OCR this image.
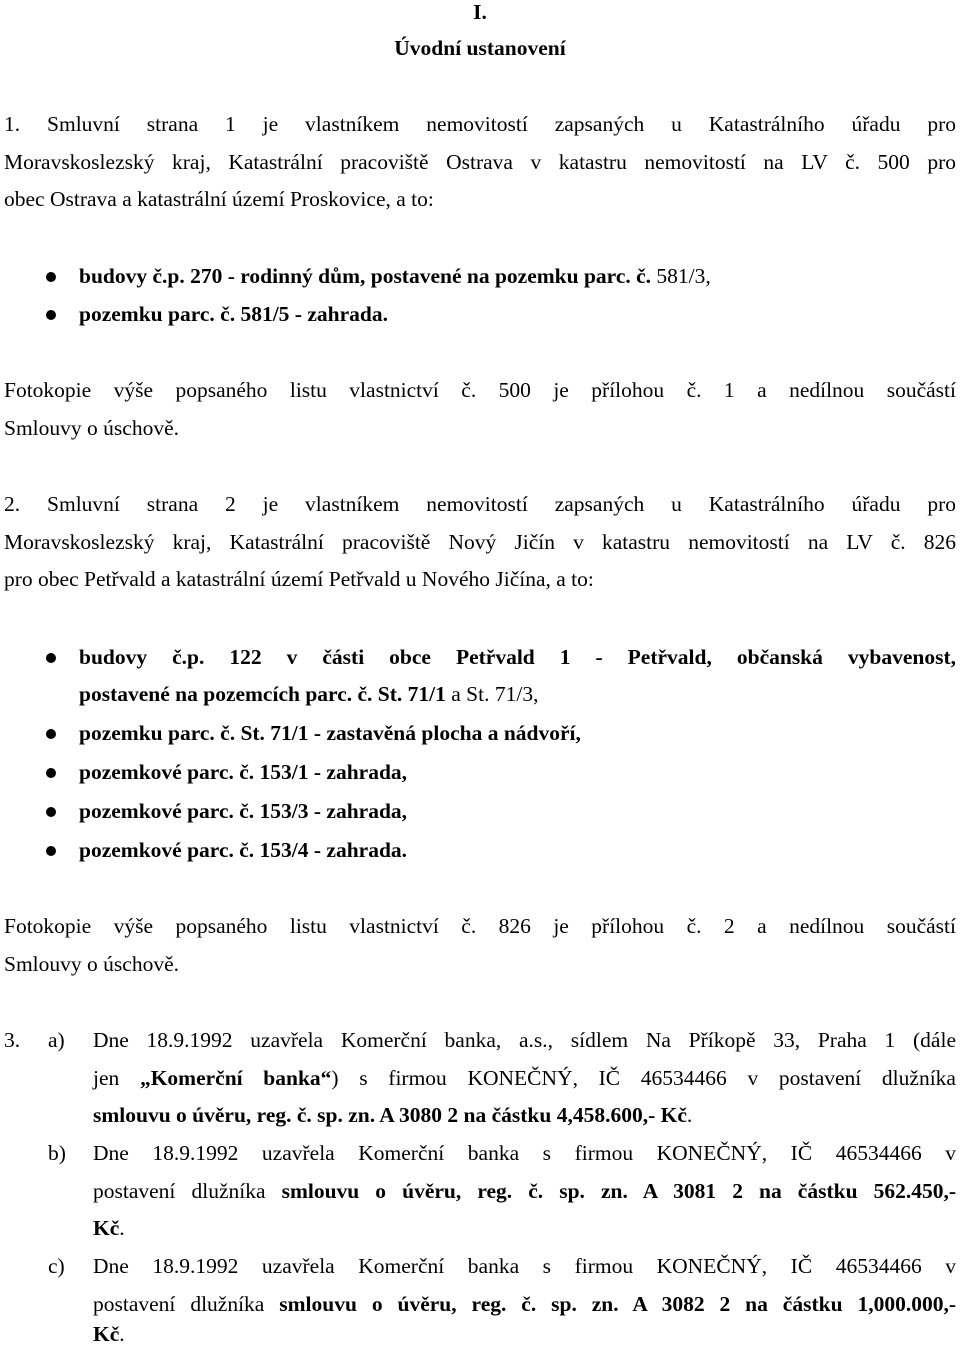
I.
Úvodní ustanovení
1. Smluvní strana 1 je vlastníkem nemovitostí zapsaných u Katastrálního úřadu pro
Moravskoslezský kraj, Katastrální pracoviště Ostrava v katastru nemovitostí na LV č. 500 pro
obec Ostrava a katastrální území Proskovice, a to:
budovy č.p. 270 - rodinný dům, postavené na pozemku parc. č. 581/3,
pozemku parc. č. 581/5 - zahrada.
Fotokopie výše popsaného listu vlastnictví č. 500 je přílohou č. 1 a nedílnou součástí
Smlouvy o úschově.
2. Smluvní strana 2 je vlastníkem nemovitostí zapsaných u Katastrálního úřadu pro
Moravskoslezský kraj, Katastrální pracoviště Nový Jičín v katastru nemovitostí na LV č. 826
pro obec Petřvald a katastrální území Petřvald u Nového Jičína, a to:
budovy č.p. 122 v části obce Petřvald 1 - Petřvald, občanská vybavenost,
postavené na pozemcích parc. č. St. 71/1 a St. 71/3,
pozemku parc. č. St. 71/1 - zastavěná plocha a nádvoří,
pozemkové parc. č. 153/1 - zahrada,
pozemkové parc. č. 153/3 - zahrada,
pozemkové parc. č. 153/4 - zahrada.
Fotokopie výše popsaného listu vlastnictví č. 826 je přílohou č. 2 a nedílnou součástí
Smlouvy o úschově.
3. a) Dne 18.9.1992 uzavřela Komerční banka, a.s., sídlem Na Příkopě 33, Praha 1 (dále
jen „Komerční banka“) s firmou KONEČNÝ, IČ 46534466 v postavení dlužníka
smlouvu o úvěru, reg. č. sp. zn. A 3080 2 na částku 4,458.600,- Kč.
b) Dne 18.9.1992 uzavřela Komerční banka s firmou KONEČNÝ, IČ 46534466 v
postavení dlužníka smlouvu o úvěru, reg. č. sp. zn. A 3081 2 na částku 562.450,-
Kč.
c) Dne 18.9.1992 uzavřela Komerční banka s firmou KONEČNÝ, IČ 46534466 v
postavení dlužníka smlouvu o úvěru, reg. č. sp. zn. A 3082 2 na částku 1,000.000,-
Kč.
